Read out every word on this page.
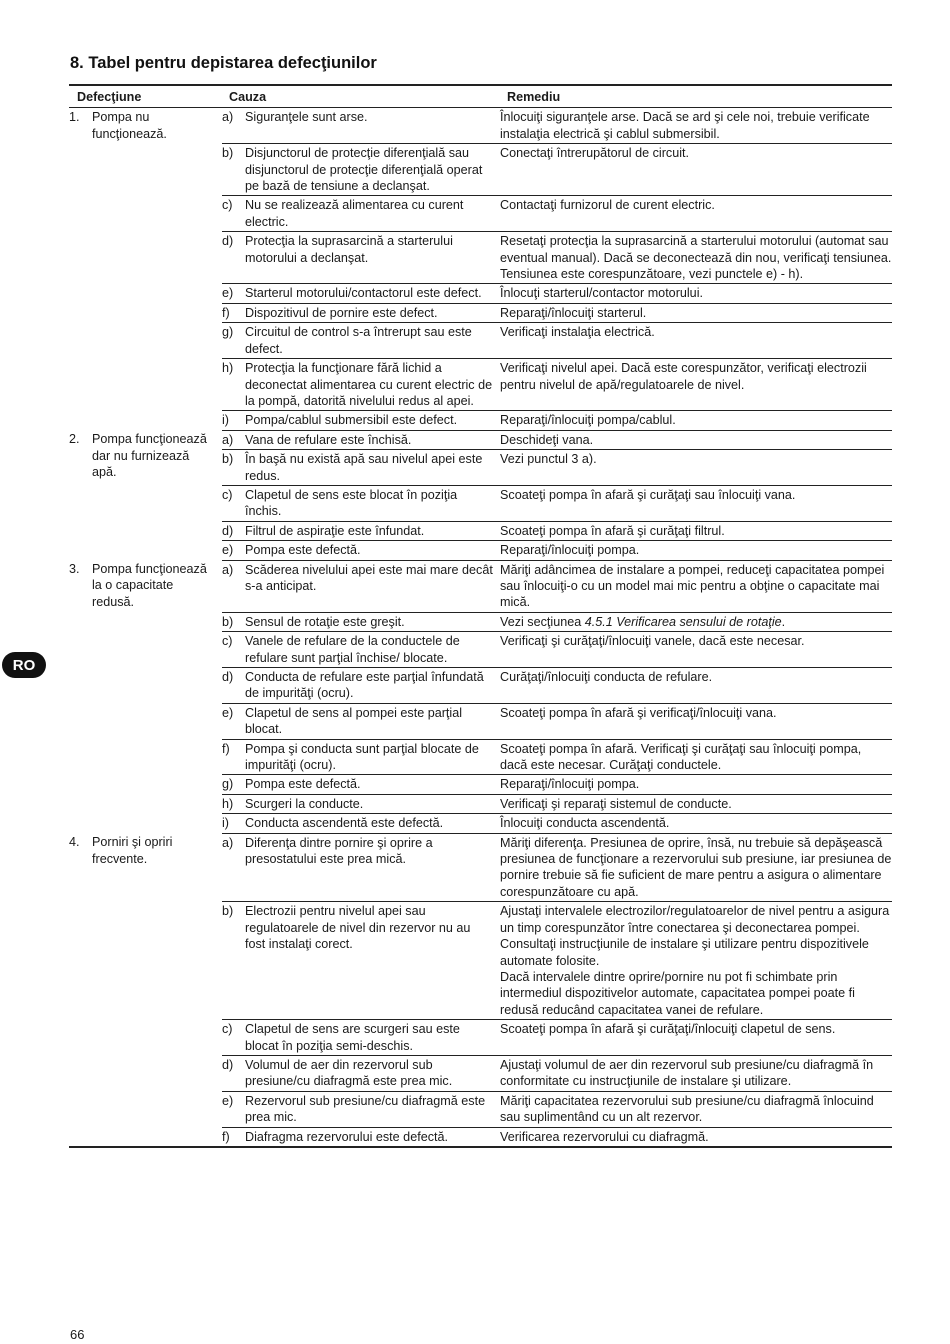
8. Tabel pentru depistarea defecţiunilor
Defecţiune	Cauza	Remediu

1. Pompa nu funcţionează.	a) Siguranţele sunt arse.	Înlocuiţi siguranţele arse. Dacă se ard şi cele noi, trebuie verificate instalaţia electrică şi cablul submersibil.

	b) Disjunctorul de protecţie diferenţială sau disjunctorul de protecţie diferenţială operat pe bază de tensiune a declanşat.	Conectaţi întrerupătorul de circuit.

	c) Nu se realizează alimentarea cu curent electric.	Contactaţi furnizorul de curent electric.

	d) Protecţia la suprasarcină a starterului motorului a declanşat.	Resetaţi protecţia la suprasarcină a starterului motorului (automat sau eventual manual). Dacă se deconectează din nou, verificaţi tensiunea. Tensiunea este corespunzătoare, vezi punctele e) - h).

	e) Starterul motorului/contactorul este defect.	Înlocuţi starterul/contactor motorului.

	f) Dispozitivul de pornire este defect.	Reparaţi/înlocuiţi starterul.

	g) Circuitul de control s-a întrerupt sau este defect.	Verificaţi instalaţia electrică.

	h) Protecţia la funcţionare fără lichid a deconectat alimentarea cu curent electric de la pompă, datorită nivelului redus al apei.	Verificaţi nivelul apei. Dacă este corespunzător, verificaţi electrozii pentru nivelul de apă/regulatoarele de nivel.

	i) Pompa/cablul submersibil este defect.	Reparaţi/înlocuiţi pompa/cablul.

2. Pompa funcţionează dar nu furnizează apă.	a) Vana de refulare este închisă.	Deschideţi vana.

	b) În başă nu există apă sau nivelul apei este redus.	Vezi punctul 3 a).

	c) Clapetul de sens este blocat în poziţia închis.	Scoateţi pompa în afară şi curăţaţi sau înlocuiţi vana.

	d) Filtrul de aspiraţie este înfundat.	Scoateţi pompa în afară şi curăţaţi filtrul.

	e) Pompa este defectă.	Reparaţi/înlocuiţi pompa.

3. Pompa funcţionează la o capacitate redusă.	a) Scăderea nivelului apei este mai mare decât s-a anticipat.	Măriţi adâncimea de instalare a pompei, reduceţi capacitatea pompei sau înlocuiţi-o cu un model mai mic pentru a obţine o capacitate mai mică.

	b) Sensul de rotaţie este greşit.	Vezi secţiunea 4.5.1 Verificarea sensului de rotaţie.

	c) Vanele de refulare de la conductele de refulare sunt parţial închise/ blocate.	Verificaţi şi curăţaţi/înlocuiţi vanele, dacă este necesar.

	d) Conducta de refulare este parţial înfundată de impurităţi (ocru).	Curăţaţi/înlocuiţi conducta de refulare.

	e) Clapetul de sens al pompei este parţial blocat.	Scoateţi pompa în afară şi verificaţi/înlocuiţi vana.

	f) Pompa şi conducta sunt parţial blocate de impurităţi (ocru).	Scoateţi pompa în afară. Verificaţi şi curăţaţi sau înlocuiţi pompa, dacă este necesar. Curăţaţi conductele.

	g) Pompa este defectă.	Reparaţi/înlocuiţi pompa.

	h) Scurgeri la conducte.	Verificaţi şi reparaţi sistemul de conducte.

	i) Conducta ascendentă este defectă.	Înlocuiţi conducta ascendentă.

4. Porniri şi opriri frecvente.	a) Diferenţa dintre pornire şi oprire a presostatului este prea mică.	Măriţi diferenţa. Presiunea de oprire, însă, nu trebuie să depăşească presiunea de funcţionare a rezervorului sub presiune, iar presiunea de pornire trebuie să fie suficient de mare pentru a asigura o alimentare corespunzătoare cu apă.

	b) Electrozii pentru nivelul apei sau regulatoarele de nivel din rezervor nu au fost instalaţi corect.	Ajustaţi intervalele electrozilor/regulatoarelor de nivel pentru a asigura un timp corespunzător între conectarea şi deconectarea pompei. Consultaţi instrucţiunile de instalare şi utilizare pentru dispozitivele automate folosite.
Dacă intervalele dintre oprire/pornire nu pot fi schimbate prin intermediul dispozitivelor automate, capacitatea pompei poate fi redusă reducând capacitatea vanei de refulare.

	c) Clapetul de sens are scurgeri sau este blocat în poziţia semi-deschis.	Scoateţi pompa în afară şi curăţaţi/înlocuiţi clapetul de sens.

	d) Volumul de aer din rezervorul sub presiune/cu diafragmă este prea mic.	Ajustaţi volumul de aer din rezervorul sub presiune/cu diafragmă în conformitate cu instrucţiunile de instalare şi utilizare.

	e) Rezervorul sub presiune/cu diafragmă este prea mic.	Măriţi capacitatea rezervorului sub presiune/cu diafragmă înlocuind sau suplimentând cu un alt rezervor.

	f) Diafragma rezervorului este defectă.	Verificarea rezervorului cu diafragmă.
RO
66
